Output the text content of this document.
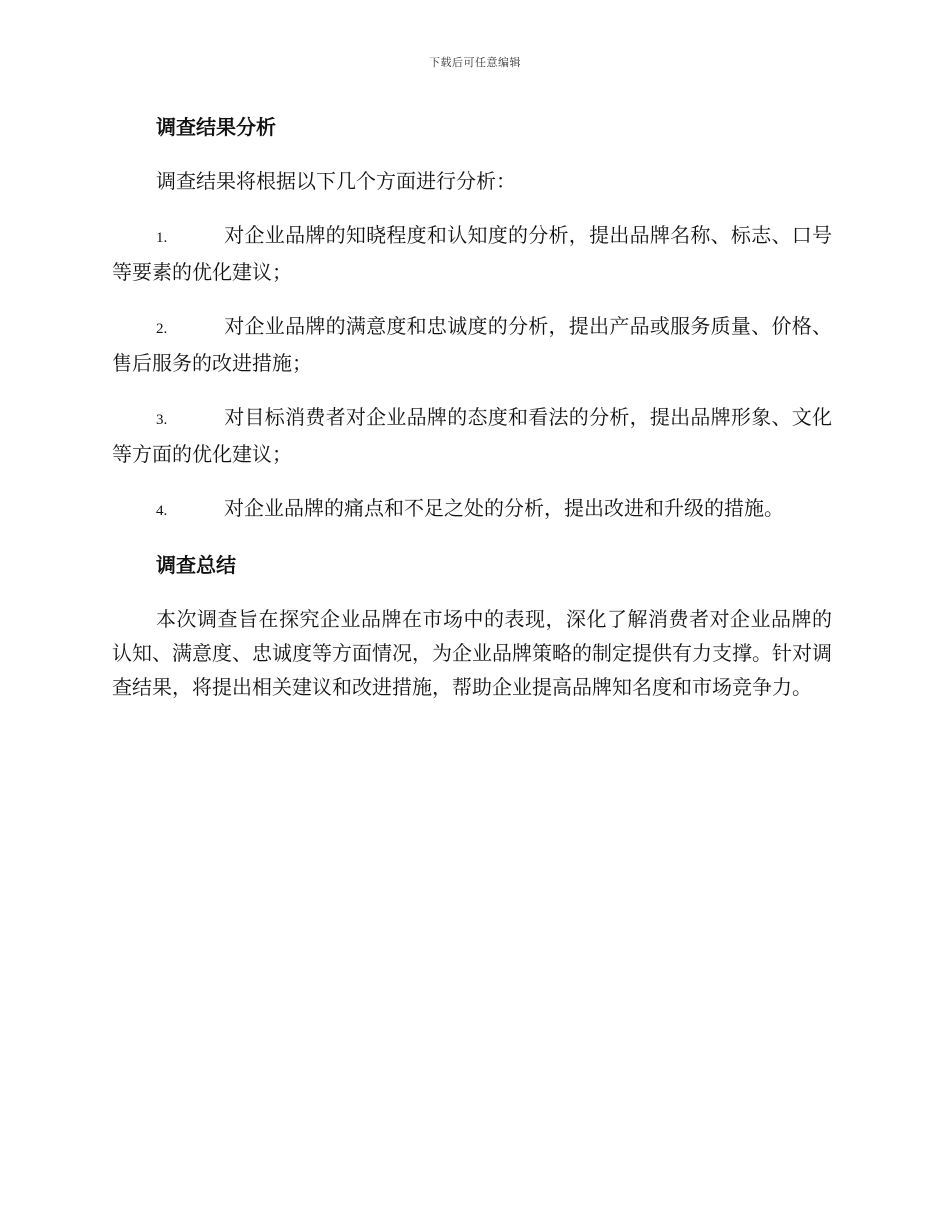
下载后可任意编辑
调查结果分析

调查结果将根据以下几个方面进行分析：

1.	对企业品牌的知晓程度和认知度的分析，提出品牌名称、标志、口号等要素的优化建议；

2.	对企业品牌的满意度和忠诚度的分析，提出产品或服务质量、价格、售后服务的改进措施；

3.	对目标消费者对企业品牌的态度和看法的分析，提出品牌形象、文化等方面的优化建议；

4.	对企业品牌的痛点和不足之处的分析，提出改进和升级的措施。

调查总结

本次调查旨在探究企业品牌在市场中的表现，深化了解消费者对企业品牌的认知、满意度、忠诚度等方面情况，为企业品牌策略的制定提供有力支撑。针对调查结果，将提出相关建议和改进措施，帮助企业提高品牌知名度和市场竞争力。
